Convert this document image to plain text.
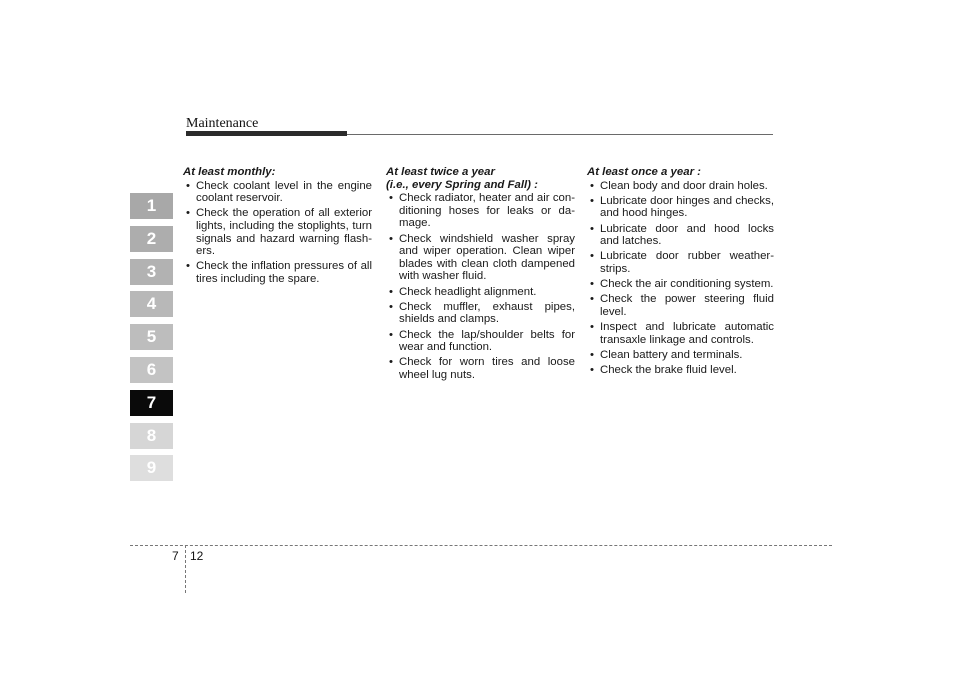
Maintenance
1
2
3
4
5
6
7
8
9
At least monthly:
• Check coolant level in the engine coolant reservoir.
• Check the operation of all exterior lights, including the stoplights, turn signals and hazard warning flash-ers.
• Check the inflation pressures of all tires including the spare.
At least twice a year
(i.e., every Spring and Fall) :
• Check radiator, heater and air con-ditioning hoses for leaks or da-mage.
• Check windshield washer spray and wiper operation. Clean wiper blades with clean cloth dampened with washer fluid.
• Check headlight alignment.
• Check muffler, exhaust pipes, shields and clamps.
• Check the lap/shoulder belts for wear and function.
• Check for worn tires and loose wheel lug nuts.
At least once a year :
• Clean body and door drain holes.
• Lubricate door hinges and checks, and hood hinges.
• Lubricate door and hood locks and latches.
• Lubricate door rubber weather-strips.
• Check the air conditioning system.
• Check the power steering fluid level.
• Inspect and lubricate automatic transaxle linkage and controls.
• Clean battery and terminals.
• Check the brake fluid level.
7 12
